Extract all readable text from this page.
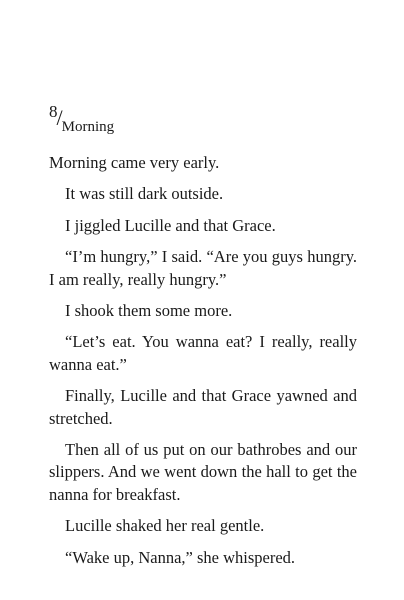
8/Morning

Morning came very early.

It was still dark outside.

I jiggled Lucille and that Grace.

“I’m hungry,” I said. “Are you guys hungry. I am really, really hungry.”

I shook them some more.

“Let’s eat. You wanna eat? I really, really wanna eat.”

Finally, Lucille and that Grace yawned and stretched.

Then all of us put on our bathrobes and our slippers. And we went down the hall to get the nanna for breakfast.

Lucille shaked her real gentle.

“Wake up, Nanna,” she whispered.
